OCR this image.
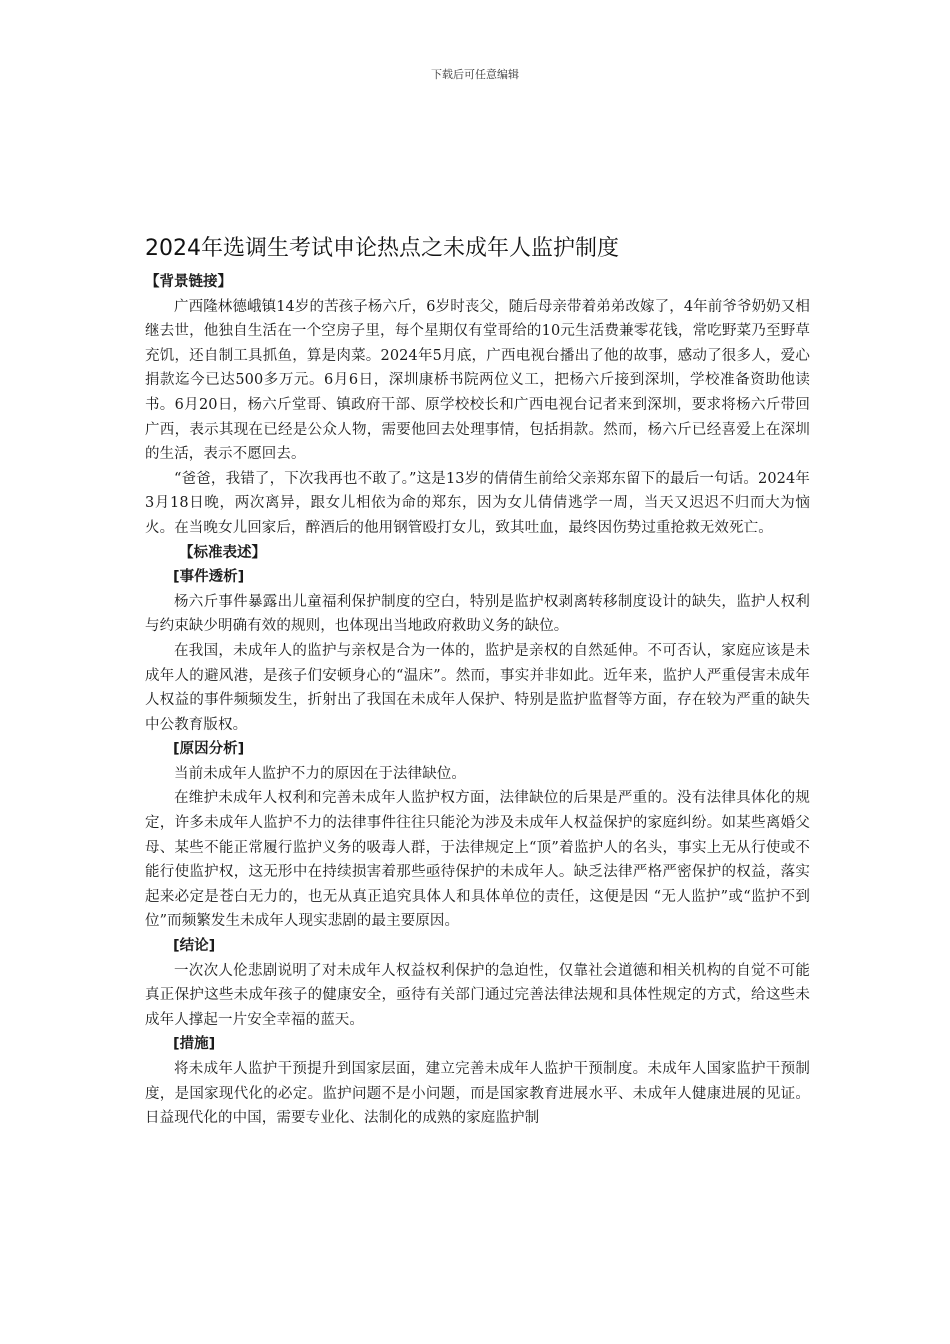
下载后可任意编辑
2024年选调生考试申论热点之未成年人监护制度
【背景链接】

广西隆林德峨镇14岁的苦孩子杨六斤，6岁时丧父，随后母亲带着弟弟改嫁了，4年前爷爷奶奶又相继去世，他独自生活在一个空房子里，每个星期仅有堂哥给的10元生活费兼零花钱，常吃野菜乃至野草充饥，还自制工具抓鱼，算是肉菜。2024年5月底，广西电视台播出了他的故事，感动了很多人，爱心捐款迄今已达500多万元。6月6日，深圳康桥书院两位义工，把杨六斤接到深圳，学校准备资助他读书。6月20日，杨六斤堂哥、镇政府干部、原学校校长和广西电视台记者来到深圳，要求将杨六斤带回广西，表示其现在已经是公众人物，需要他回去处理事情，包括捐款。然而，杨六斤已经喜爱上在深圳的生活，表示不愿回去。

“爸爸，我错了，下次我再也不敢了。”这是13岁的倩倩生前给父亲郑东留下的最后一句话。2024年3月18日晚，两次离异，跟女儿相依为命的郑东，因为女儿倩倩逃学一周，当天又迟迟不归而大为恼火。在当晚女儿回家后，醉酒后的他用钢管殴打女儿，致其吐血，最终因伤势过重抢救无效死亡。

【标准表述】
[事件透析]

杨六斤事件暴露出儿童福利保护制度的空白，特别是监护权剥离转移制度设计的缺失，监护人权利与约束缺少明确有效的规则，也体现出当地政府救助义务的缺位。

在我国，未成年人的监护与亲权是合为一体的，监护是亲权的自然延伸。不可否认，家庭应该是未成年人的避风港，是孩子们安顿身心的“温床”。然而，事实并非如此。近年来，监护人严重侵害未成年人权益的事件频频发生，折射出了我国在未成年人保护、特别是监护监督等方面，存在较为严重的缺失中公教育版权。

[原因分析]

当前未成年人监护不力的原因在于法律缺位。

在维护未成年人权利和完善未成年人监护权方面，法律缺位的后果是严重的。没有法律具体化的规定，许多未成年人监护不力的法律事件往往只能沦为涉及未成年人权益保护的家庭纠纷。如某些离婚父母、某些不能正常履行监护义务的吸毒人群，于法律规定上“顶”着监护人的名头，事实上无从行使或不能行使监护权，这无形中在持续损害着那些亟待保护的未成年人。缺乏法律严格严密保护的权益，落实起来必定是苍白无力的，也无从真正追究具体人和具体单位的责任，这便是因 “无人监护”或“监护不到位”而频繁发生未成年人现实悲剧的最主要原因。

[结论]

一次次人伦悲剧说明了对未成年人权益权利保护的急迫性，仅靠社会道德和相关机构的自觉不可能真正保护这些未成年孩子的健康安全，亟待有关部门通过完善法律法规和具体性规定的方式，给这些未成年人撑起一片安全幸福的蓝天。

[措施]

将未成年人监护干预提升到国家层面，建立完善未成年人监护干预制度。未成年人国家监护干预制度，是国家现代化的必定。监护问题不是小问题，而是国家教育进展水平、未成年人健康进展的见证。日益现代化的中国，需要专业化、法制化的成熟的家庭监护制
